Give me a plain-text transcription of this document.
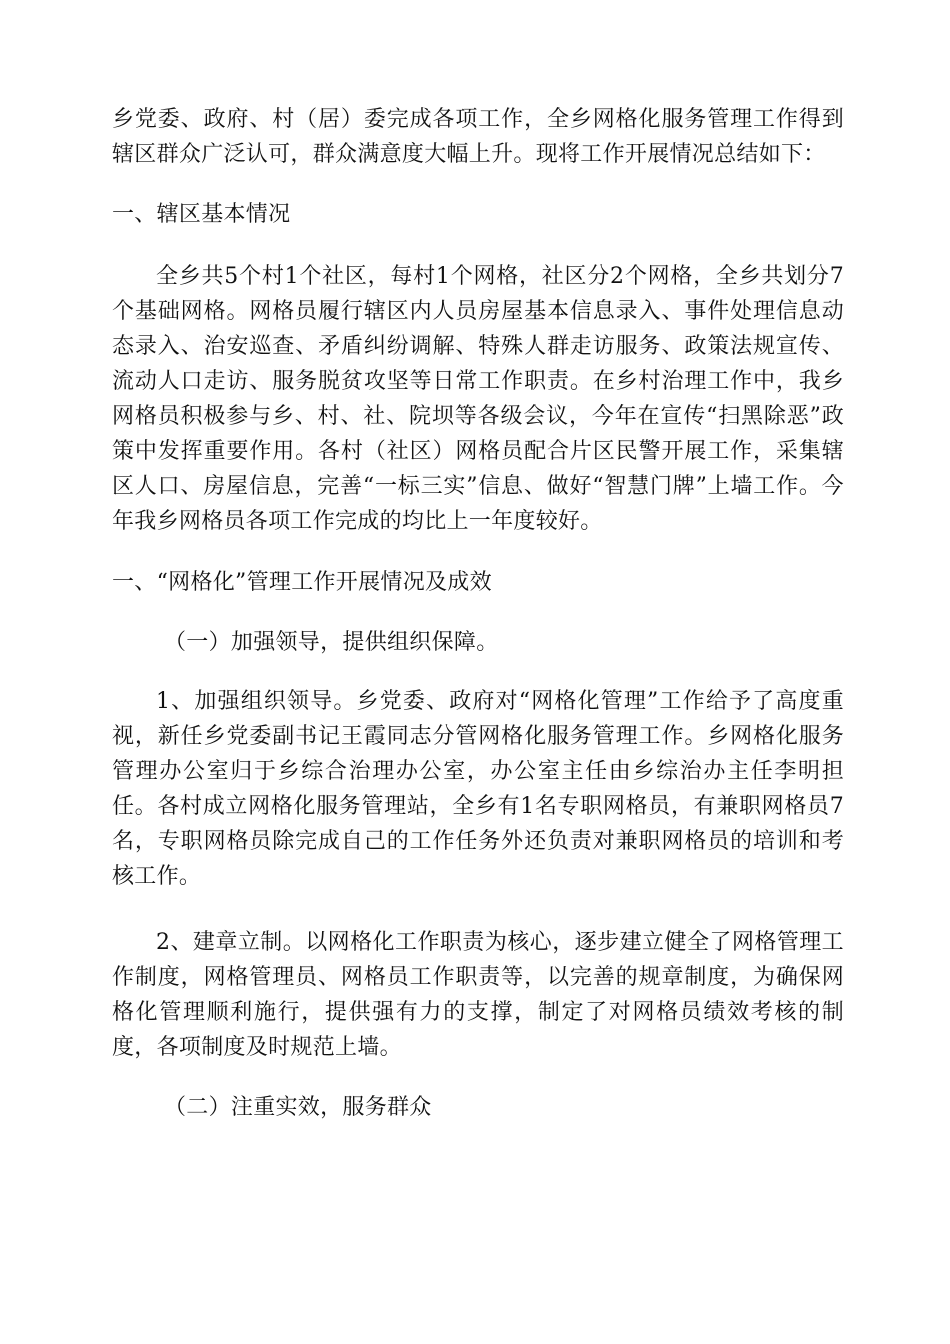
乡党委、政府、村（居）委完成各项工作，全乡网格化服务管理工作得到辖区群众广泛认可，群众满意度大幅上升。现将工作开展情况总结如下：

一、辖区基本情况

全乡共5个村1个社区，每村1个网格，社区分2个网格，全乡共划分7个基础网格。网格员履行辖区内人员房屋基本信息录入、事件处理信息动态录入、治安巡查、矛盾纠纷调解、特殊人群走访服务、政策法规宣传、流动人口走访、服务脱贫攻坚等日常工作职责。在乡村治理工作中，我乡网格员积极参与乡、村、社、院坝等各级会议，今年在宣传“扫黑除恶”政策中发挥重要作用。各村（社区）网格员配合片区民警开展工作，采集辖区人口、房屋信息，完善“一标三实”信息、做好“智慧门牌”上墙工作。今年我乡网格员各项工作完成的均比上一年度较好。

一、“网格化”管理工作开展情况及成效

（一）加强领导，提供组织保障。

1、加强组织领导。乡党委、政府对“网格化管理”工作给予了高度重视，新任乡党委副书记王霞同志分管网格化服务管理工作。乡网格化服务管理办公室归于乡综合治理办公室，办公室主任由乡综治办主任李明担任。各村成立网格化服务管理站，全乡有1名专职网格员，有兼职网格员7名，专职网格员除完成自己的工作任务外还负责对兼职网格员的培训和考核工作。

2、建章立制。以网格化工作职责为核心，逐步建立健全了网格管理工作制度，网格管理员、网格员工作职责等，以完善的规章制度，为确保网格化管理顺利施行，提供强有力的支撑，制定了对网格员绩效考核的制度，各项制度及时规范上墙。

（二）注重实效，服务群众
